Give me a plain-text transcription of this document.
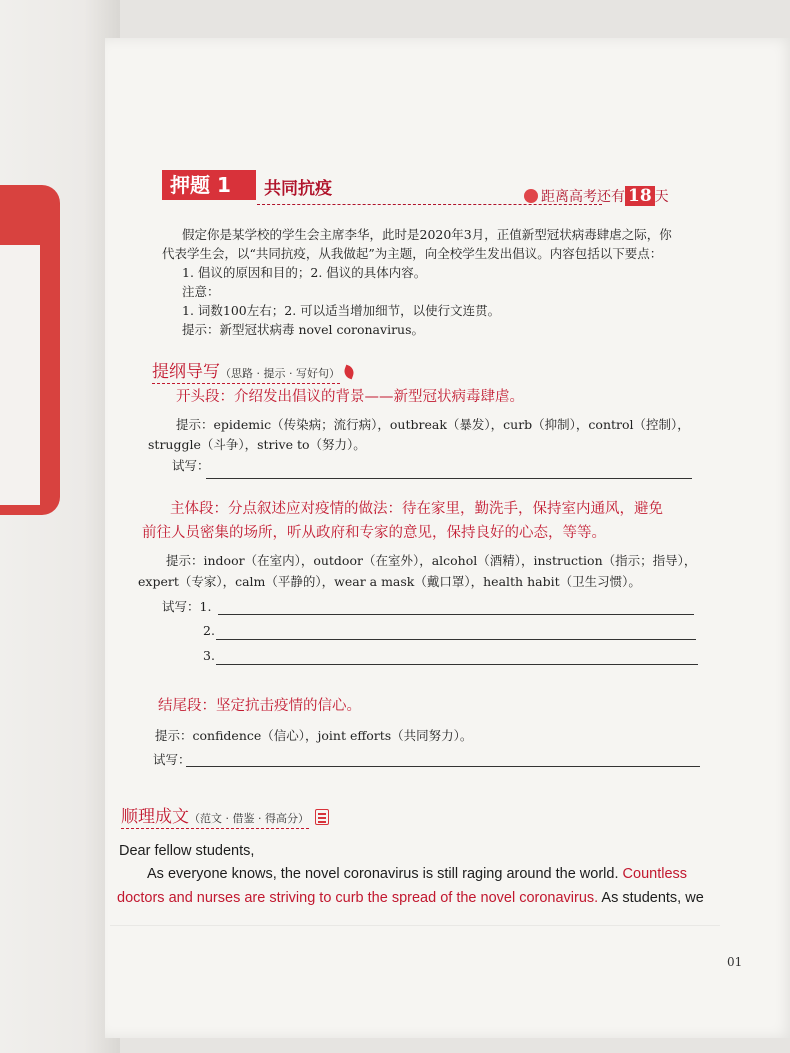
押题 1	共同抗疫	距离高考还有 18 天
假定你是某学校的学生会主席李华，此时是2020年3月，正值新型冠状病毒肆虐之际，你
代表学生会，以“共同抗疫，从我做起”为主题，向全校学生发出倡议。内容包括以下要点：
1. 倡议的原因和目的；2. 倡议的具体内容。
注意：
1. 词数100左右；2. 可以适当增加细节，以使行文连贯。
提示：新型冠状病毒 novel coronavirus。
提纲导写（思路 · 提示 · 写好句）
开头段：介绍发出倡议的背景——新型冠状病毒肆虐。
提示：epidemic（传染病；流行病），outbreak（暴发），curb（抑制），control（控制），
struggle（斗争），strive to（努力）。
试写：
主体段：分点叙述应对疫情的做法：待在家里，勤洗手，保持室内通风，避免
前往人员密集的场所，听从政府和专家的意见，保持良好的心态，等等。
提示：indoor（在室内），outdoor（在室外），alcohol（酒精），instruction（指示；指导），
expert（专家），calm（平静的），wear a mask（戴口罩），health habit（卫生习惯）。
试写：1.
2.
3.
结尾段：坚定抗击疫情的信心。
提示：confidence（信心），joint efforts（共同努力）。
试写：
顺理成文（范文 · 借鉴 · 得高分）
Dear fellow students,
As everyone knows, the novel coronavirus is still raging around the world. Countless
doctors and nurses are striving to curb the spread of the novel coronavirus. As students, we
01
